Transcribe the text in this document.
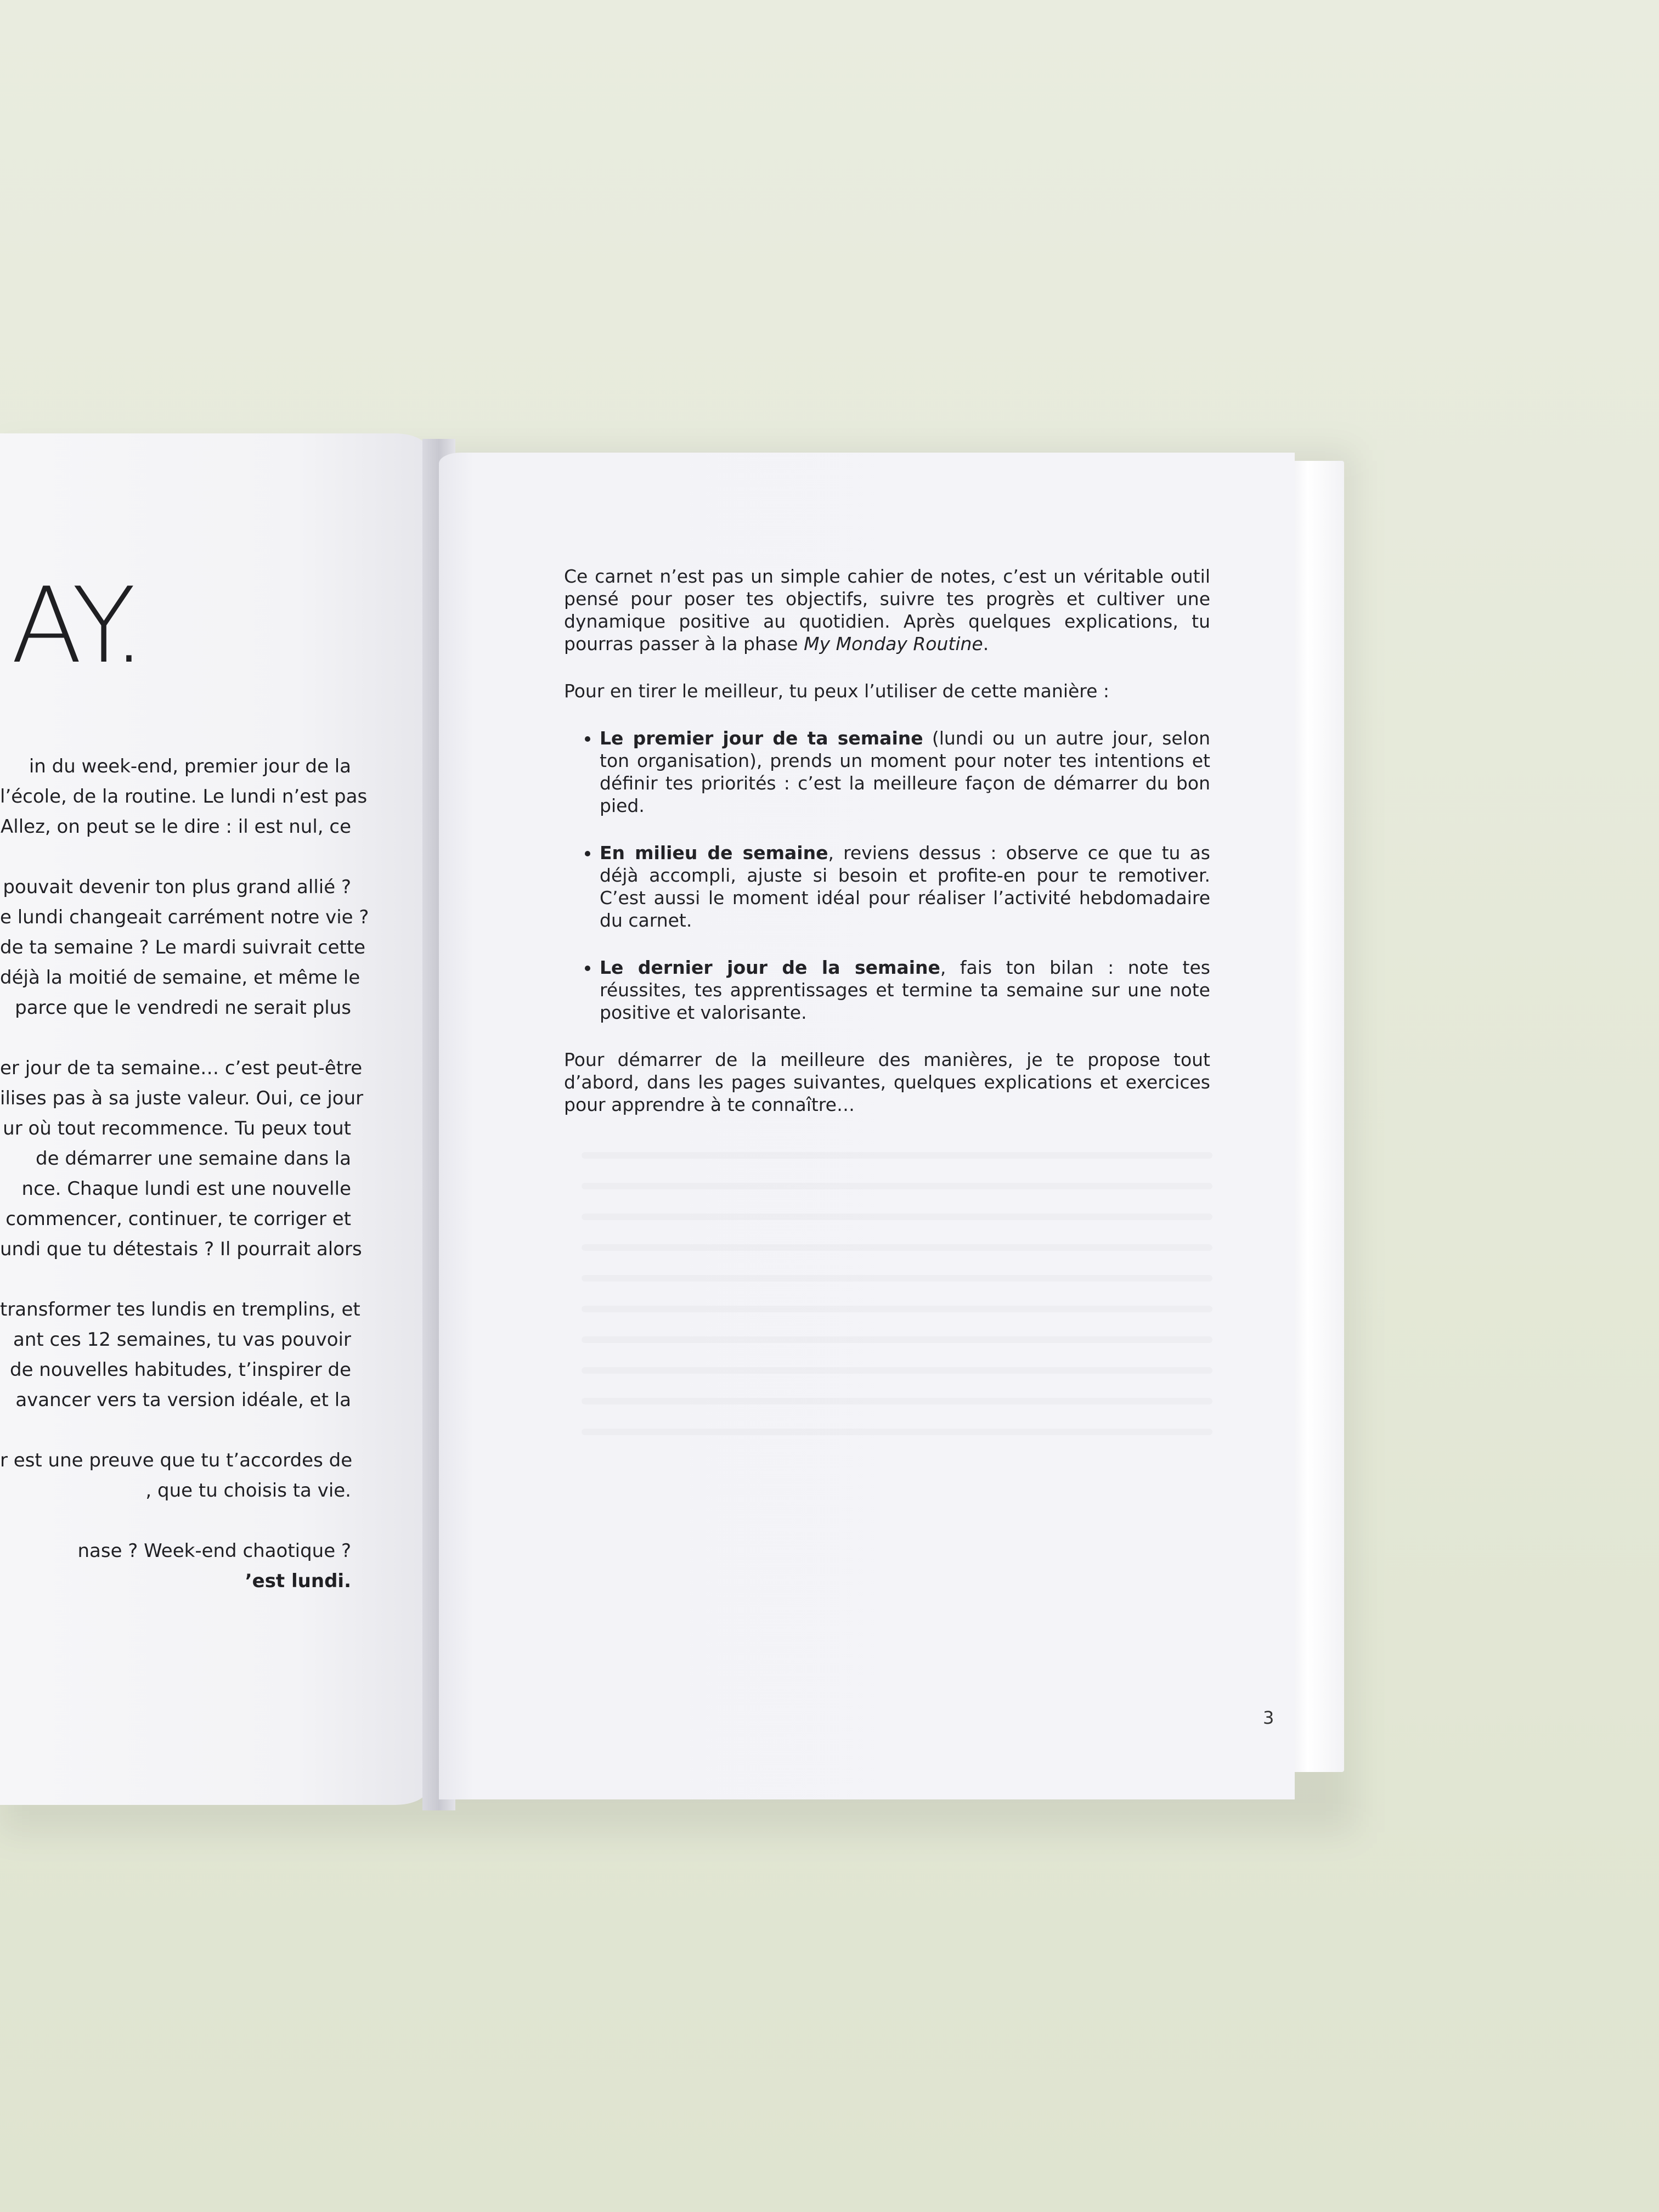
AY.
in du week-end, premier jour de la
l’école, de la routine. Le lundi n’est pas
Allez, on peut se le dire : il est nul, ce
pouvait devenir ton plus grand allié ?
e lundi changeait carrément notre vie ?
de ta semaine ? Le mardi suivrait cette
déjà la moitié de semaine, et même le
parce que le vendredi ne serait plus
er jour de ta semaine… c’est peut-être
ilises pas à sa juste valeur. Oui, ce jour
ur où tout recommence. Tu peux tout
de démarrer une semaine dans la
nce. Chaque lundi est une nouvelle
commencer, continuer, te corriger et
undi que tu détestais ? Il pourrait alors
transformer tes lundis en tremplins, et
ant ces 12 semaines, tu vas pouvoir
de nouvelles habitudes, t’inspirer de
avancer vers ta version idéale, et la
r est une preuve que tu t’accordes de
, que tu choisis ta vie.
nase ? Week-end chaotique ?
’est lundi.

Ce carnet n’est pas un simple cahier de notes, c’est un véritable outil pensé pour poser tes objectifs, suivre tes progrès et cultiver une dynamique positive au quotidien. Après quelques explications, tu pourras passer à la phase My Monday Routine.

Pour en tirer le meilleur, tu peux l’utiliser de cette manière :

• Le premier jour de ta semaine (lundi ou un autre jour, selon ton organisation), prends un moment pour noter tes intentions et définir tes priorités : c’est la meilleure façon de démarrer du bon pied.
• En milieu de semaine, reviens dessus : observe ce que tu as déjà accompli, ajuste si besoin et profite-en pour te remotiver. C’est aussi le moment idéal pour réaliser l’activité hebdomadaire du carnet.
• Le dernier jour de la semaine, fais ton bilan : note tes réussites, tes apprentissages et termine ta semaine sur une note positive et valorisante.

Pour démarrer de la meilleure des manières, je te propose tout d’abord, dans les pages suivantes, quelques explications et exercices pour apprendre à te connaître…

3
